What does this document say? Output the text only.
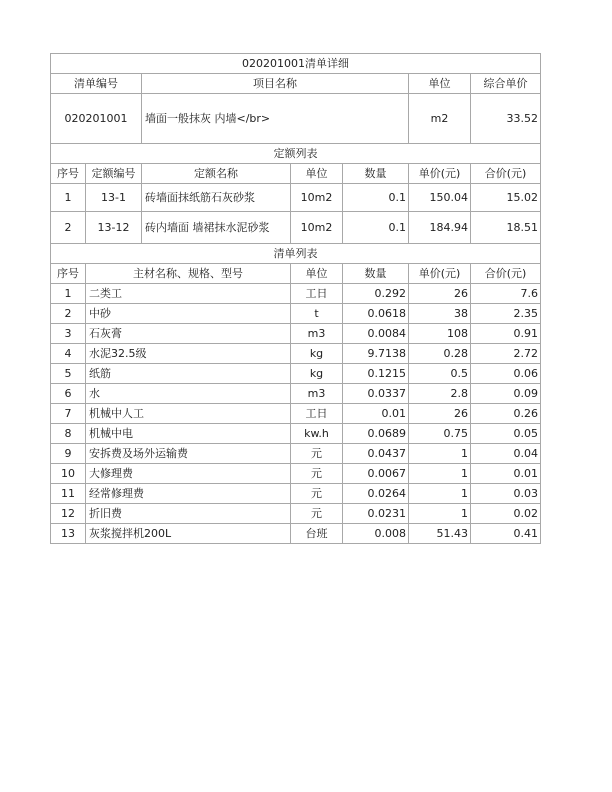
020201001清单详细						
清单编号		项目名称			单位	综合单价
020201001		墙面一般抹灰 内墙</br>			m2	33.52
定额列表						
序号	定额编号	定额名称	单位	数量	单价(元)	合价(元)
1	13-1	砖墙面抹纸筋石灰砂浆	10m2	0.1	150.04	15.02
2	13-12	砖内墙面 墙裙抹水泥砂浆	10m2	0.1	184.94	18.51
清单列表						
序号	主材名称、规格、型号		单位	数量	单价(元)	合价(元)
1	二类工		工日	0.292	26	7.6
2	中砂		t	0.0618	38	2.35
3	石灰膏		m3	0.0084	108	0.91
4	水泥32.5级		kg	9.7138	0.28	2.72
5	纸筋		kg	0.1215	0.5	0.06
6	水		m3	0.0337	2.8	0.09
7	机械中人工		工日	0.01	26	0.26
8	机械中电		kw.h	0.0689	0.75	0.05
9	安拆费及场外运输费		元	0.0437	1	0.04
10	大修理费		元	0.0067	1	0.01
11	经常修理费		元	0.0264	1	0.03
12	折旧费		元	0.0231	1	0.02
13	灰浆搅拌机200L		台班	0.008	51.43	0.41
